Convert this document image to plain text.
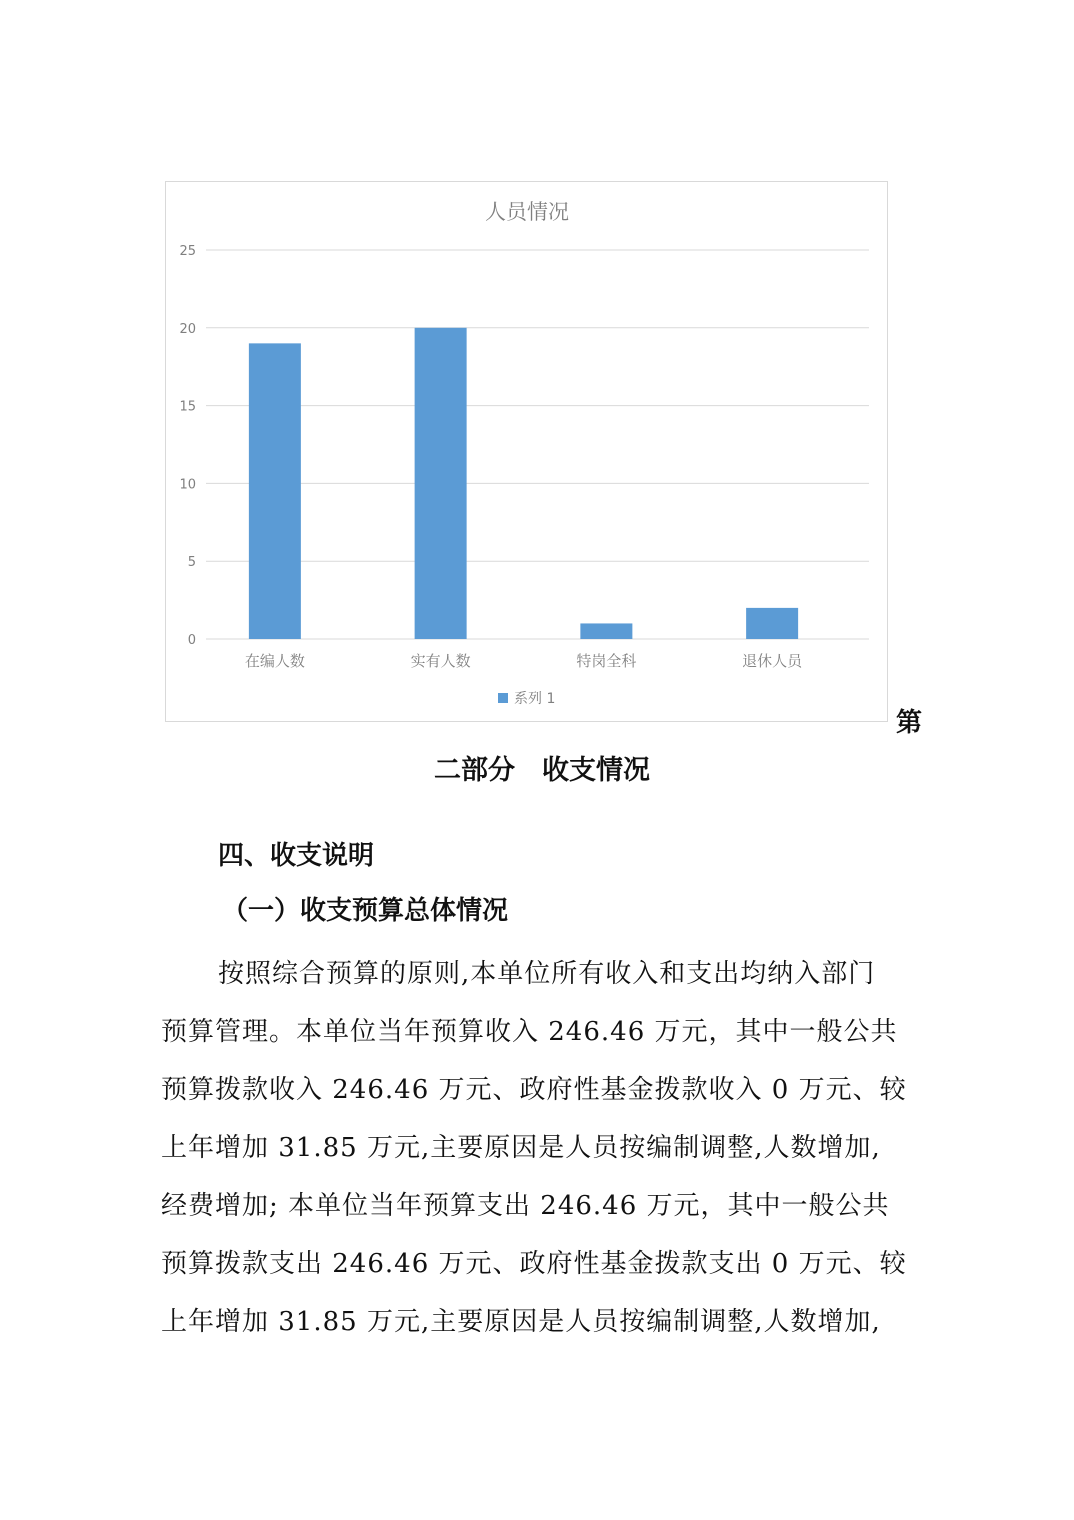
人员情况
0
5
10
15
20
25
在编人数	实有人数	特岗全科	退休人员
系列 1
第
二部分　收支情况
四、收支说明
（一）收支预算总体情况
按照综合预算的原则,本单位所有收入和支出均纳入部门
预算管理。本单位当年预算收入 246.46 万元，其中一般公共
预算拨款收入 246.46 万元、政府性基金拨款收入 0 万元、较
上年增加 31.85 万元,主要原因是人员按编制调整,人数增加,
经费增加; 本单位当年预算支出 246.46 万元，其中一般公共
预算拨款支出 246.46 万元、政府性基金拨款支出 0 万元、较
上年增加 31.85 万元,主要原因是人员按编制调整,人数增加,
